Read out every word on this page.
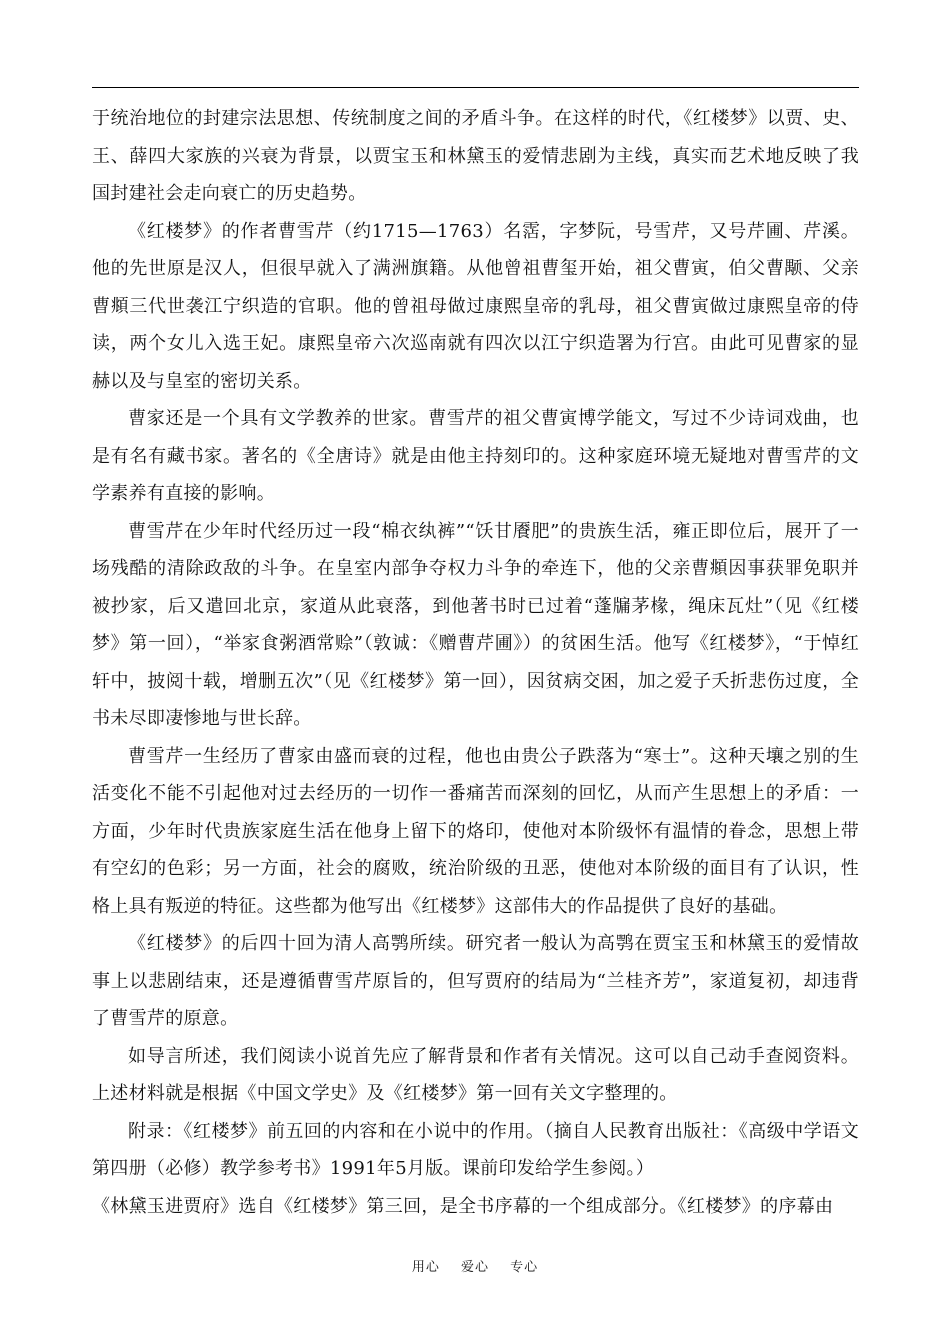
于统治地位的封建宗法思想、传统制度之间的矛盾斗争。在这样的时代，《红楼梦》以贾、史、王、薛四大家族的兴衰为背景，以贾宝玉和林黛玉的爱情悲剧为主线，真实而艺术地反映了我国封建社会走向衰亡的历史趋势。

《红楼梦》的作者曹雪芹（约1715—1763）名霑，字梦阮，号雪芹，又号芹圃、芹溪。他的先世原是汉人，但很早就入了满洲旗籍。从他曾祖曹玺开始，祖父曹寅，伯父曹颙、父亲曹頫三代世袭江宁织造的官职。他的曾祖母做过康熙皇帝的乳母，祖父曹寅做过康熙皇帝的侍读，两个女儿入选王妃。康熙皇帝六次巡南就有四次以江宁织造署为行宫。由此可见曹家的显赫以及与皇室的密切关系。

曹家还是一个具有文学教养的世家。曹雪芹的祖父曹寅博学能文，写过不少诗词戏曲，也是有名有藏书家。著名的《全唐诗》就是由他主持刻印的。这种家庭环境无疑地对曹雪芹的文学素养有直接的影响。

曹雪芹在少年时代经历过一段“棉衣纨裤”“饫甘餍肥”的贵族生活，雍正即位后，展开了一场残酷的清除政敌的斗争。在皇室内部争夺权力斗争的牵连下，他的父亲曹頫因事获罪免职并被抄家，后又遣回北京，家道从此衰落，到他著书时已过着“蓬牖茅椽，绳床瓦灶”（见《红楼梦》第一回），“举家食粥酒常赊”（敦诚：《赠曹芹圃》）的贫困生活。他写《红楼梦》，“于悼红轩中，披阅十载，增删五次”（见《红楼梦》第一回），因贫病交困，加之爱子夭折悲伤过度，全书未尽即凄惨地与世长辞。

曹雪芹一生经历了曹家由盛而衰的过程，他也由贵公子跌落为“寒士”。这种天壤之别的生活变化不能不引起他对过去经历的一切作一番痛苦而深刻的回忆，从而产生思想上的矛盾：一方面，少年时代贵族家庭生活在他身上留下的烙印，使他对本阶级怀有温情的眷念，思想上带有空幻的色彩；另一方面，社会的腐败，统治阶级的丑恶，使他对本阶级的面目有了认识，性格上具有叛逆的特征。这些都为他写出《红楼梦》这部伟大的作品提供了良好的基础。

《红楼梦》的后四十回为清人高鹗所续。研究者一般认为高鹗在贾宝玉和林黛玉的爱情故事上以悲剧结束，还是遵循曹雪芹原旨的，但写贾府的结局为“兰桂齐芳”，家道复初，却违背了曹雪芹的原意。

如导言所述，我们阅读小说首先应了解背景和作者有关情况。这可以自己动手查阅资料。上述材料就是根据《中国文学史》及《红楼梦》第一回有关文字整理的。

附录：《红楼梦》前五回的内容和在小说中的作用。（摘自人民教育出版社：《高级中学语文第四册（必修）教学参考书》1991年5月版。课前印发给学生参阅。）

《林黛玉进贾府》选自《红楼梦》第三回，是全书序幕的一个组成部分。《红楼梦》的序幕由

用心 爱心 专心
